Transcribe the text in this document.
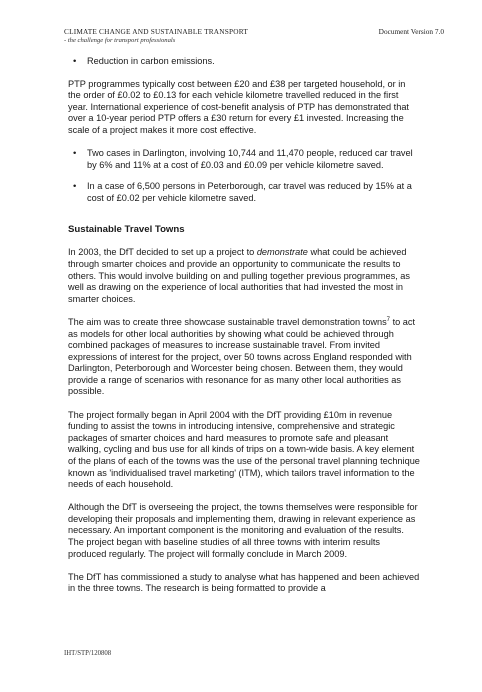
CLIMATE CHANGE AND SUSTAINABLE TRANSPORT
- the challenge for transport professionals
Document Version 7.0
• Reduction in carbon emissions.

PTP programmes typically cost between £20 and £38 per targeted household, or in the order of £0.02 to £0.13 for each vehicle kilometre travelled reduced in the first year. International experience of cost-benefit analysis of PTP has demonstrated that over a 10-year period PTP offers a £30 return for every £1 invested. Increasing the scale of a project makes it more cost effective.

• Two cases in Darlington, involving 10,744 and 11,470 people, reduced car travel by 6% and 11% at a cost of £0.03 and £0.09 per vehicle kilometre saved.
• In a case of 6,500 persons in Peterborough, car travel was reduced by 15% at a cost of £0.02 per vehicle kilometre saved.
Sustainable Travel Towns

In 2003, the DfT decided to set up a project to demonstrate what could be achieved through smarter choices and provide an opportunity to communicate the results to others. This would involve building on and pulling together previous programmes, as well as drawing on the experience of local authorities that had invested the most in smarter choices.

The aim was to create three showcase sustainable travel demonstration towns$^7$ to act as models for other local authorities by showing what could be achieved through combined packages of measures to increase sustainable travel. From invited expressions of interest for the project, over 50 towns across England responded with Darlington, Peterborough and Worcester being chosen. Between them, they would provide a range of scenarios with resonance for as many other local authorities as possible.

The project formally began in April 2004 with the DfT providing £10m in revenue funding to assist the towns in introducing intensive, comprehensive and strategic packages of smarter choices and hard measures to promote safe and pleasant walking, cycling and bus use for all kinds of trips on a town-wide basis. A key element of the plans of each of the towns was the use of the personal travel planning technique known as 'individualised travel marketing' (ITM), which tailors travel information to the needs of each household.

Although the DfT is overseeing the project, the towns themselves were responsible for developing their proposals and implementing them, drawing in relevant experience as necessary. An important component is the monitoring and evaluation of the results. The project began with baseline studies of all three towns with interim results produced regularly. The project will formally conclude in March 2009.

The DfT has commissioned a study to analyse what has happened and been achieved in the three towns. The research is being formatted to provide a

IHT/STP/120808
